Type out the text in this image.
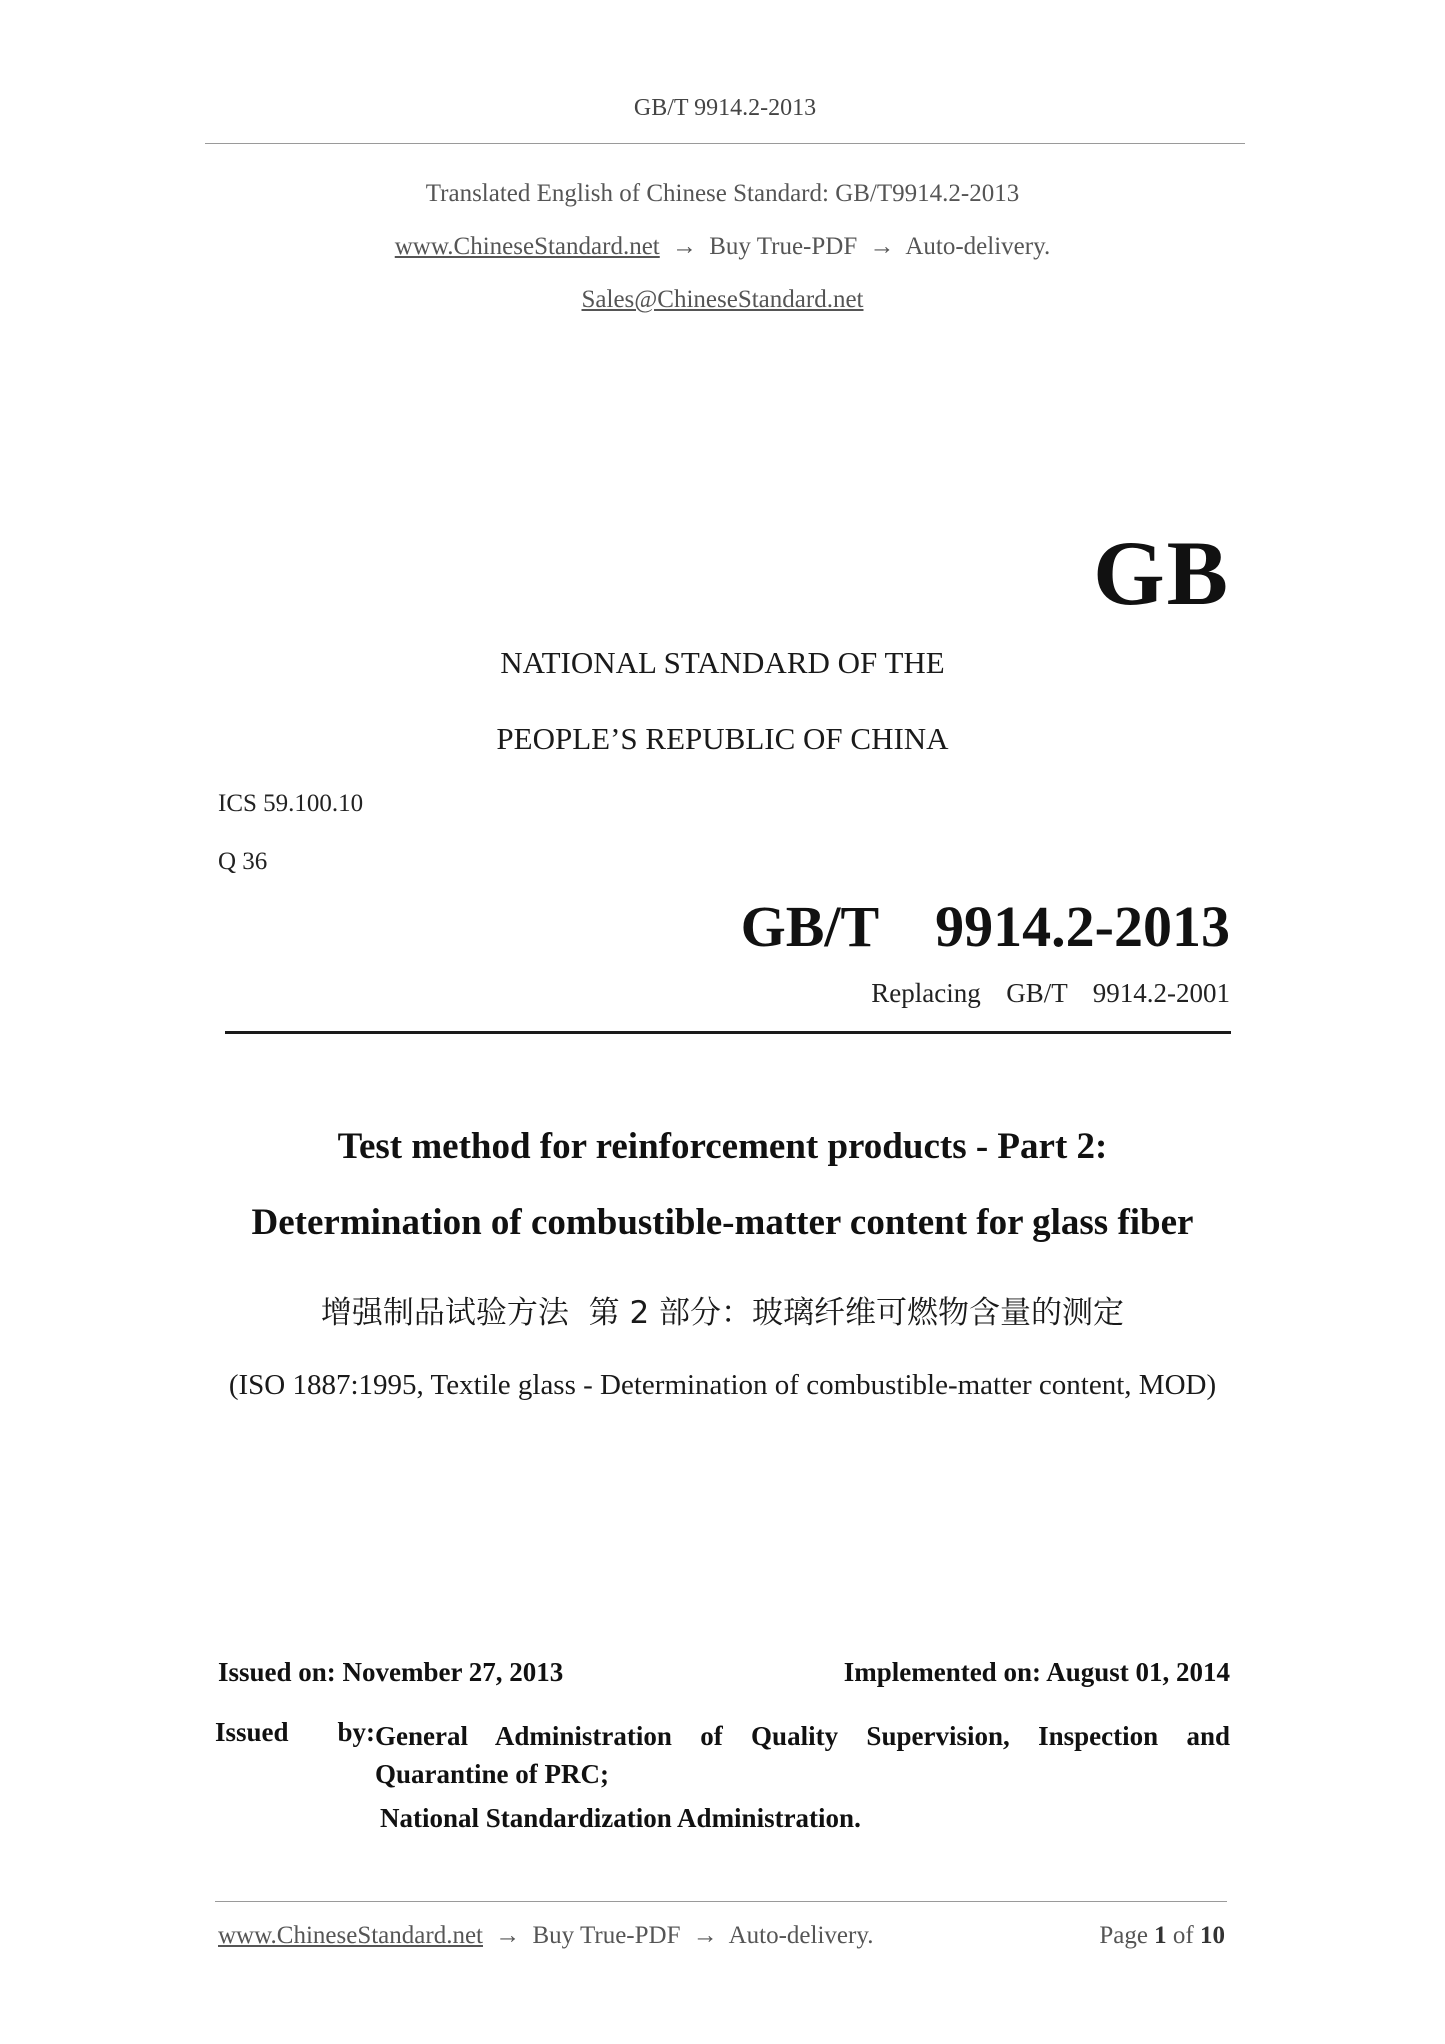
GB/T 9914.2-2013
Translated English of Chinese Standard: GB/T9914.2-2013
www.ChineseStandard.net → Buy True-PDF → Auto-delivery.
Sales@ChineseStandard.net
GB
NATIONAL STANDARD OF THE
PEOPLE’S REPUBLIC OF CHINA
ICS 59.100.10
Q 36
GB/T  9914.2-2013
Replacing  GB/T  9914.2-2001
Test method for reinforcement products - Part 2:
Determination of combustible-matter content for glass fiber
增强制品试验方法  第 2 部分：玻璃纤维可燃物含量的测定
(ISO 1887:1995, Textile glass - Determination of combustible-matter content, MOD)
Issued on: November 27, 2013	Implemented on: August 01, 2014
Issued by: General Administration of Quality Supervision, Inspection and Quarantine of PRC;
National Standardization Administration.
www.ChineseStandard.net → Buy True-PDF → Auto-delivery.	Page 1 of 10
